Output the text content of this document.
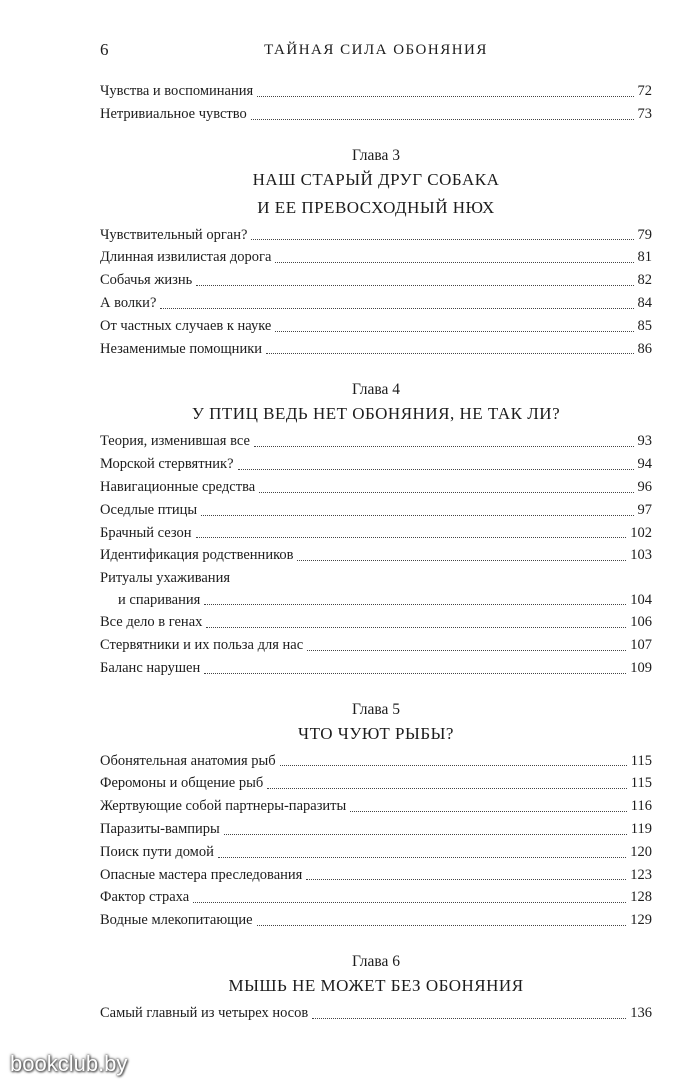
6	ТАЙНАЯ СИЛА ОБОНЯНИЯ
Чувства и воспоминания	72
Нетривиальное чувство	73
Глава 3
НАШ СТАРЫЙ ДРУГ СОБАКА
И ЕЕ ПРЕВОСХОДНЫЙ НЮХ
Чувствительный орган?	79
Длинная извилистая дорога	81
Собачья жизнь	82
А волки?	84
От частных случаев к науке	85
Незаменимые помощники	86
Глава 4
У ПТИЦ ВЕДЬ НЕТ ОБОНЯНИЯ, НЕ ТАК ЛИ?
Теория, изменившая все	93
Морской стервятник?	94
Навигационные средства	96
Оседлые птицы	97
Брачный сезон	102
Идентификация родственников	103
Ритуалы ухаживания
и спаривания	104
Все дело в генах	106
Стервятники и их польза для нас	107
Баланс нарушен	109
Глава 5
ЧТО ЧУЮТ РЫБЫ?
Обонятельная анатомия рыб	115
Феромоны и общение рыб	115
Жертвующие собой партнеры-паразиты	116
Паразиты-вампиры	119
Поиск пути домой	120
Опасные мастера преследования	123
Фактор страха	128
Водные млекопитающие	129
Глава 6
МЫШЬ НЕ МОЖЕТ БЕЗ ОБОНЯНИЯ
Самый главный из четырех носов	136
bookclub.by
